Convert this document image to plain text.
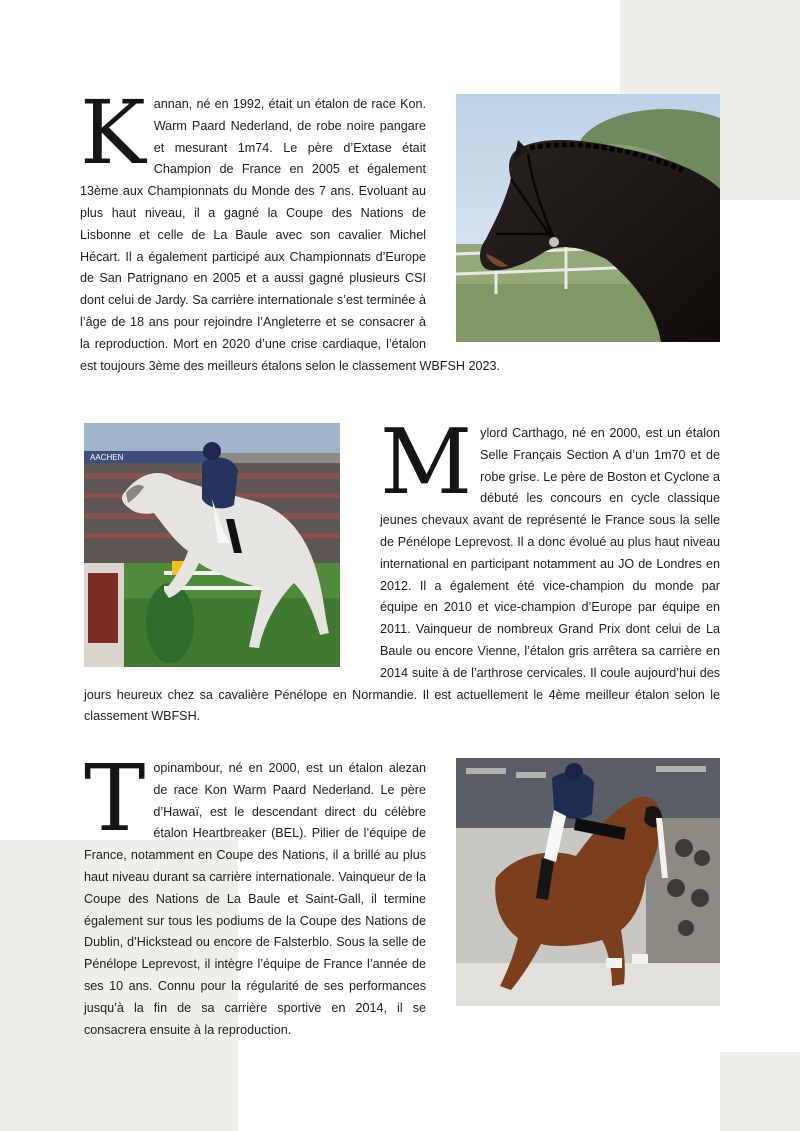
Kannan, né en 1992, était un étalon de race Kon. Warm Paard Nederland, de robe noire pangare et mesurant 1m74. Le père d’Extase était Champion de France en 2005 et également 13ème aux Championnats du Monde des 7 ans. Evoluant au plus haut niveau, il a gagné la Coupe des Nations de Lisbonne et celle de La Baule avec son cavalier Michel Hécart. Il a également participé aux Championnats d’Europe de San Patrignano en 2005 et a aussi gagné plusieurs CSI dont celui de Jardy. Sa carrière internationale s’est terminée à l’âge de 18 ans pour rejoindre l’Angleterre et se consacrer à la reproduction. Mort en 2020 d’une crise cardiaque, l’étalon est toujours 3ème des meilleurs étalons selon le classement WBFSH 2023.

AACHEN	Mylord Carthago, né en 2000, est un étalon Selle Français Section A d’un 1m70 et de robe grise. Le père de Boston et Cyclone a débuté les concours en cycle classique jeunes chevaux avant de représenté le France sous la selle de Pénélope Leprevost. Il a donc évolué au plus haut niveau international en participant notamment au JO de Londres en 2012. Il a également été vice-champion du monde par équipe en 2010 et vice-champion d’Europe par équipe en 2011. Vainqueur de nombreux Grand Prix dont celui de La Baule ou encore Vienne, l’étalon gris arrêtera sa carrière en 2014 suite à de l’arthrose cervicales. Il coule aujourd’hui des jours heureux chez sa cavalière Pénélope en Normandie. Il est actuellement le 4ème meilleur étalon selon le classement WBFSH.

Topinambour, né en 2000, est un étalon alezan de race Kon Warm Paard Nederland. Le père d’Hawaï, est le descendant direct du célèbre étalon Heartbreaker (BEL). Pilier de l’équipe de France, notamment en Coupe des Nations, il a brillé au plus haut niveau durant sa carrière internationale. Vainqueur de la Coupe des Nations de La Baule et Saint-Gall, il termine également sur tous les podiums de la Coupe des Nations de Dublin, d’Hickstead ou encore de Falsterblo. Sous la selle de Pénélope Leprevost, il intègre l’équipe de France l’année de ses 10 ans. Connu pour la régularité de ses performances jusqu’à la fin de sa carrière sportive en 2014, il se consacrera ensuite à la reproduction.
